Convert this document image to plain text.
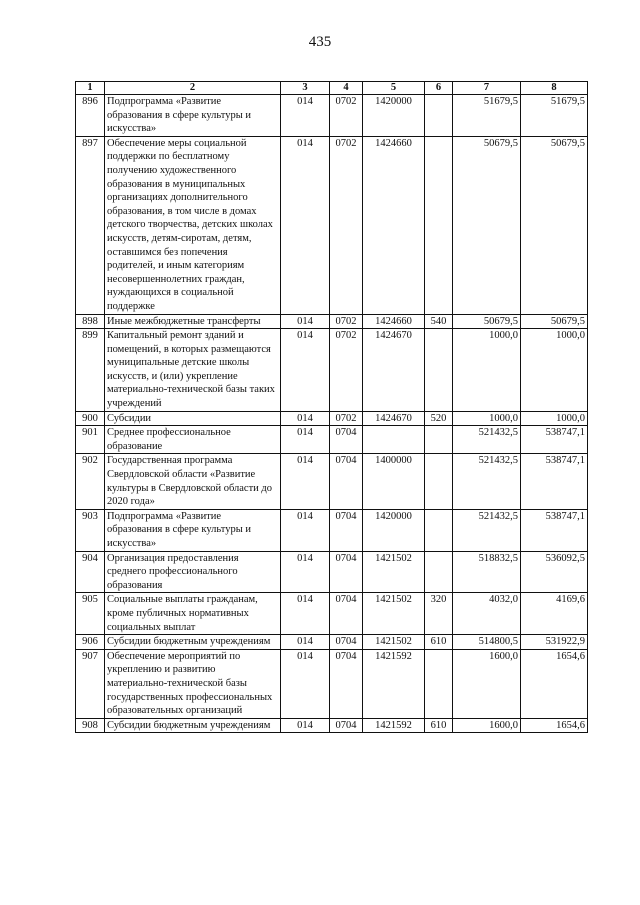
435
1	2	3	4	5	6	7	8
896	Подпрограмма «Развитие образования в сфере культуры и искусства»	014	0702	1420000		51679,5	51679,5
897	Обеспечение меры социальной поддержки по бесплатному получению художественного образования в муниципальных организациях дополнительного образования, в том числе в домах детского творчества, детских школах искусств, детям-сиротам, детям, оставшимся без попечения родителей, и иным категориям несовершеннолетних граждан, нуждающихся в социальной поддержке	014	0702	1424660		50679,5	50679,5
898	Иные межбюджетные трансферты	014	0702	1424660	540	50679,5	50679,5
899	Капитальный ремонт зданий и помещений, в которых размещаются муниципальные детские школы искусств, и (или) укрепление материально-технической базы таких учреждений	014	0702	1424670		1000,0	1000,0
900	Субсидии	014	0702	1424670	520	1000,0	1000,0
901	Среднее профессиональное образование	014	0704			521432,5	538747,1
902	Государственная программа Свердловской области «Развитие культуры в Свердловской области до 2020 года»	014	0704	1400000		521432,5	538747,1
903	Подпрограмма «Развитие образования в сфере культуры и искусства»	014	0704	1420000		521432,5	538747,1
904	Организация предоставления среднего профессионального образования	014	0704	1421502		518832,5	536092,5
905	Социальные выплаты гражданам, кроме публичных нормативных социальных выплат	014	0704	1421502	320	4032,0	4169,6
906	Субсидии бюджетным учреждениям	014	0704	1421502	610	514800,5	531922,9
907	Обеспечение мероприятий по укреплению и развитию материально-технической базы государственных профессиональных образовательных организаций	014	0704	1421592		1600,0	1654,6
908	Субсидии бюджетным учреждениям	014	0704	1421592	610	1600,0	1654,6
